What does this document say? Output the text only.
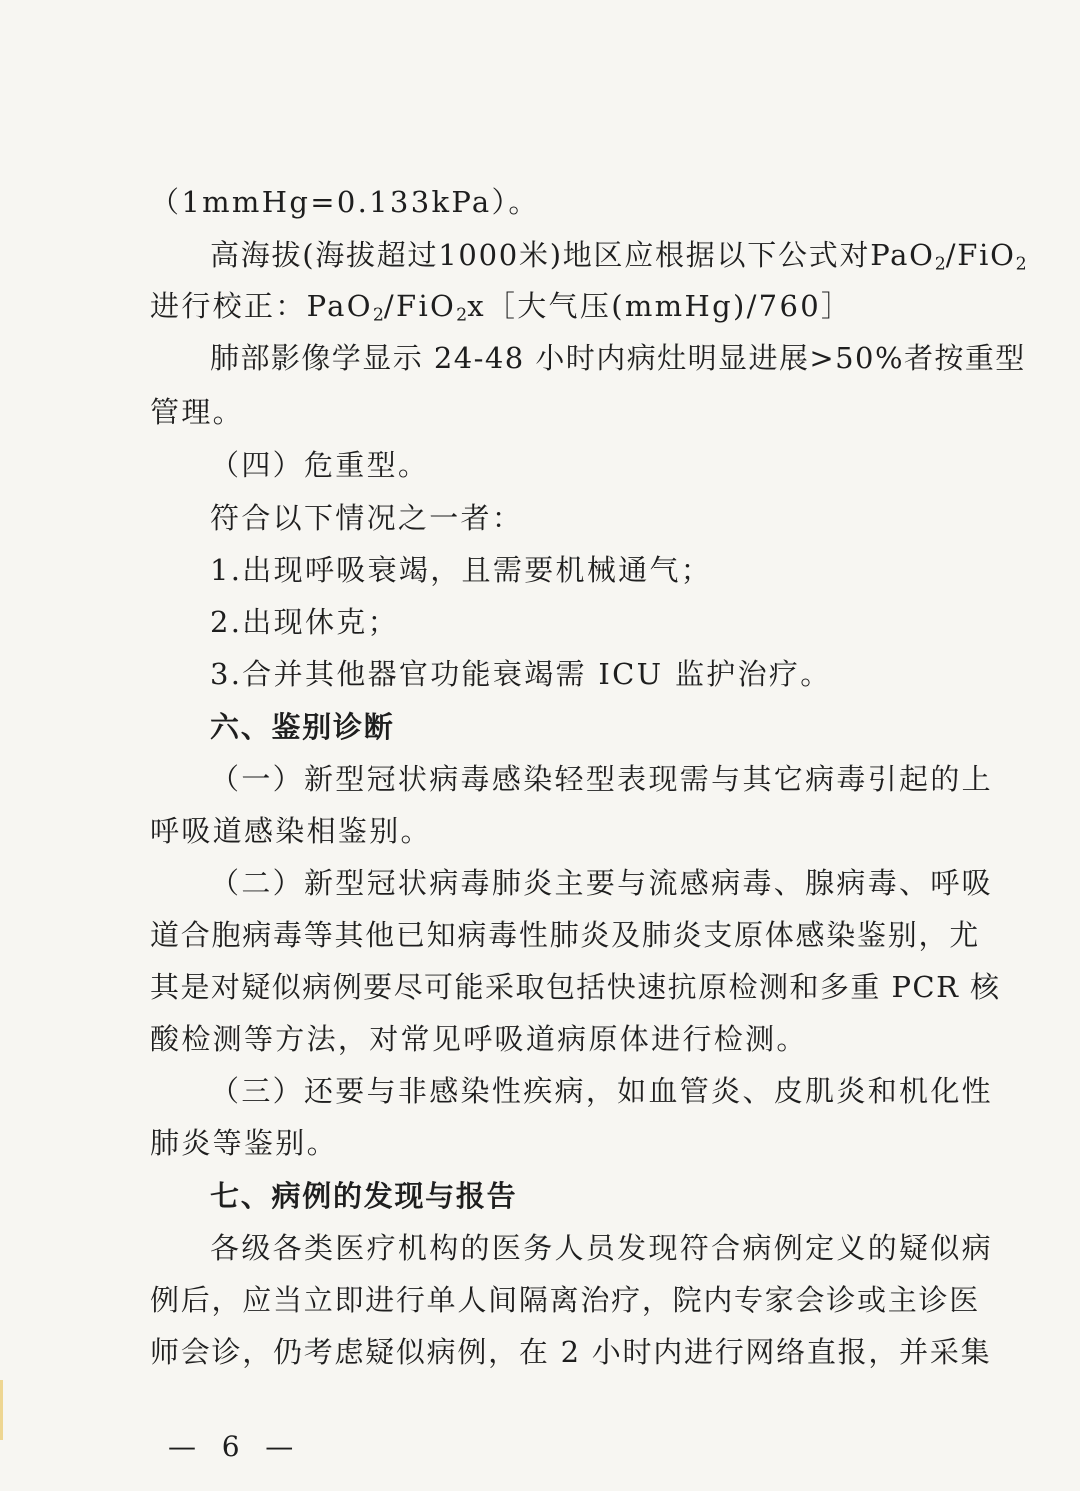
（1mmHg=0.133kPa）。
高海拔(海拔超过1000米)地区应根据以下公式对PaO$_2$/FiO$_2$
进行校正：PaO$_2$/FiO$_2$x［大气压(mmHg)/760］
肺部影像学显示 24-48 小时内病灶明显进展>50%者按重型
管理。
（四）危重型。
符合以下情况之一者：
1.出现呼吸衰竭，且需要机械通气；
2.出现休克；
3.合并其他器官功能衰竭需 ICU 监护治疗。
六、鉴别诊断
（一）新型冠状病毒感染轻型表现需与其它病毒引起的上
呼吸道感染相鉴别。
（二）新型冠状病毒肺炎主要与流感病毒、腺病毒、呼吸
道合胞病毒等其他已知病毒性肺炎及肺炎支原体感染鉴别，尤
其是对疑似病例要尽可能采取包括快速抗原检测和多重 PCR 核
酸检测等方法，对常见呼吸道病原体进行检测。
（三）还要与非感染性疾病，如血管炎、皮肌炎和机化性
肺炎等鉴别。
七、病例的发现与报告
各级各类医疗机构的医务人员发现符合病例定义的疑似病
例后，应当立即进行单人间隔离治疗，院内专家会诊或主诊医
师会诊，仍考虑疑似病例，在 2 小时内进行网络直报，并采集
— 6 —
